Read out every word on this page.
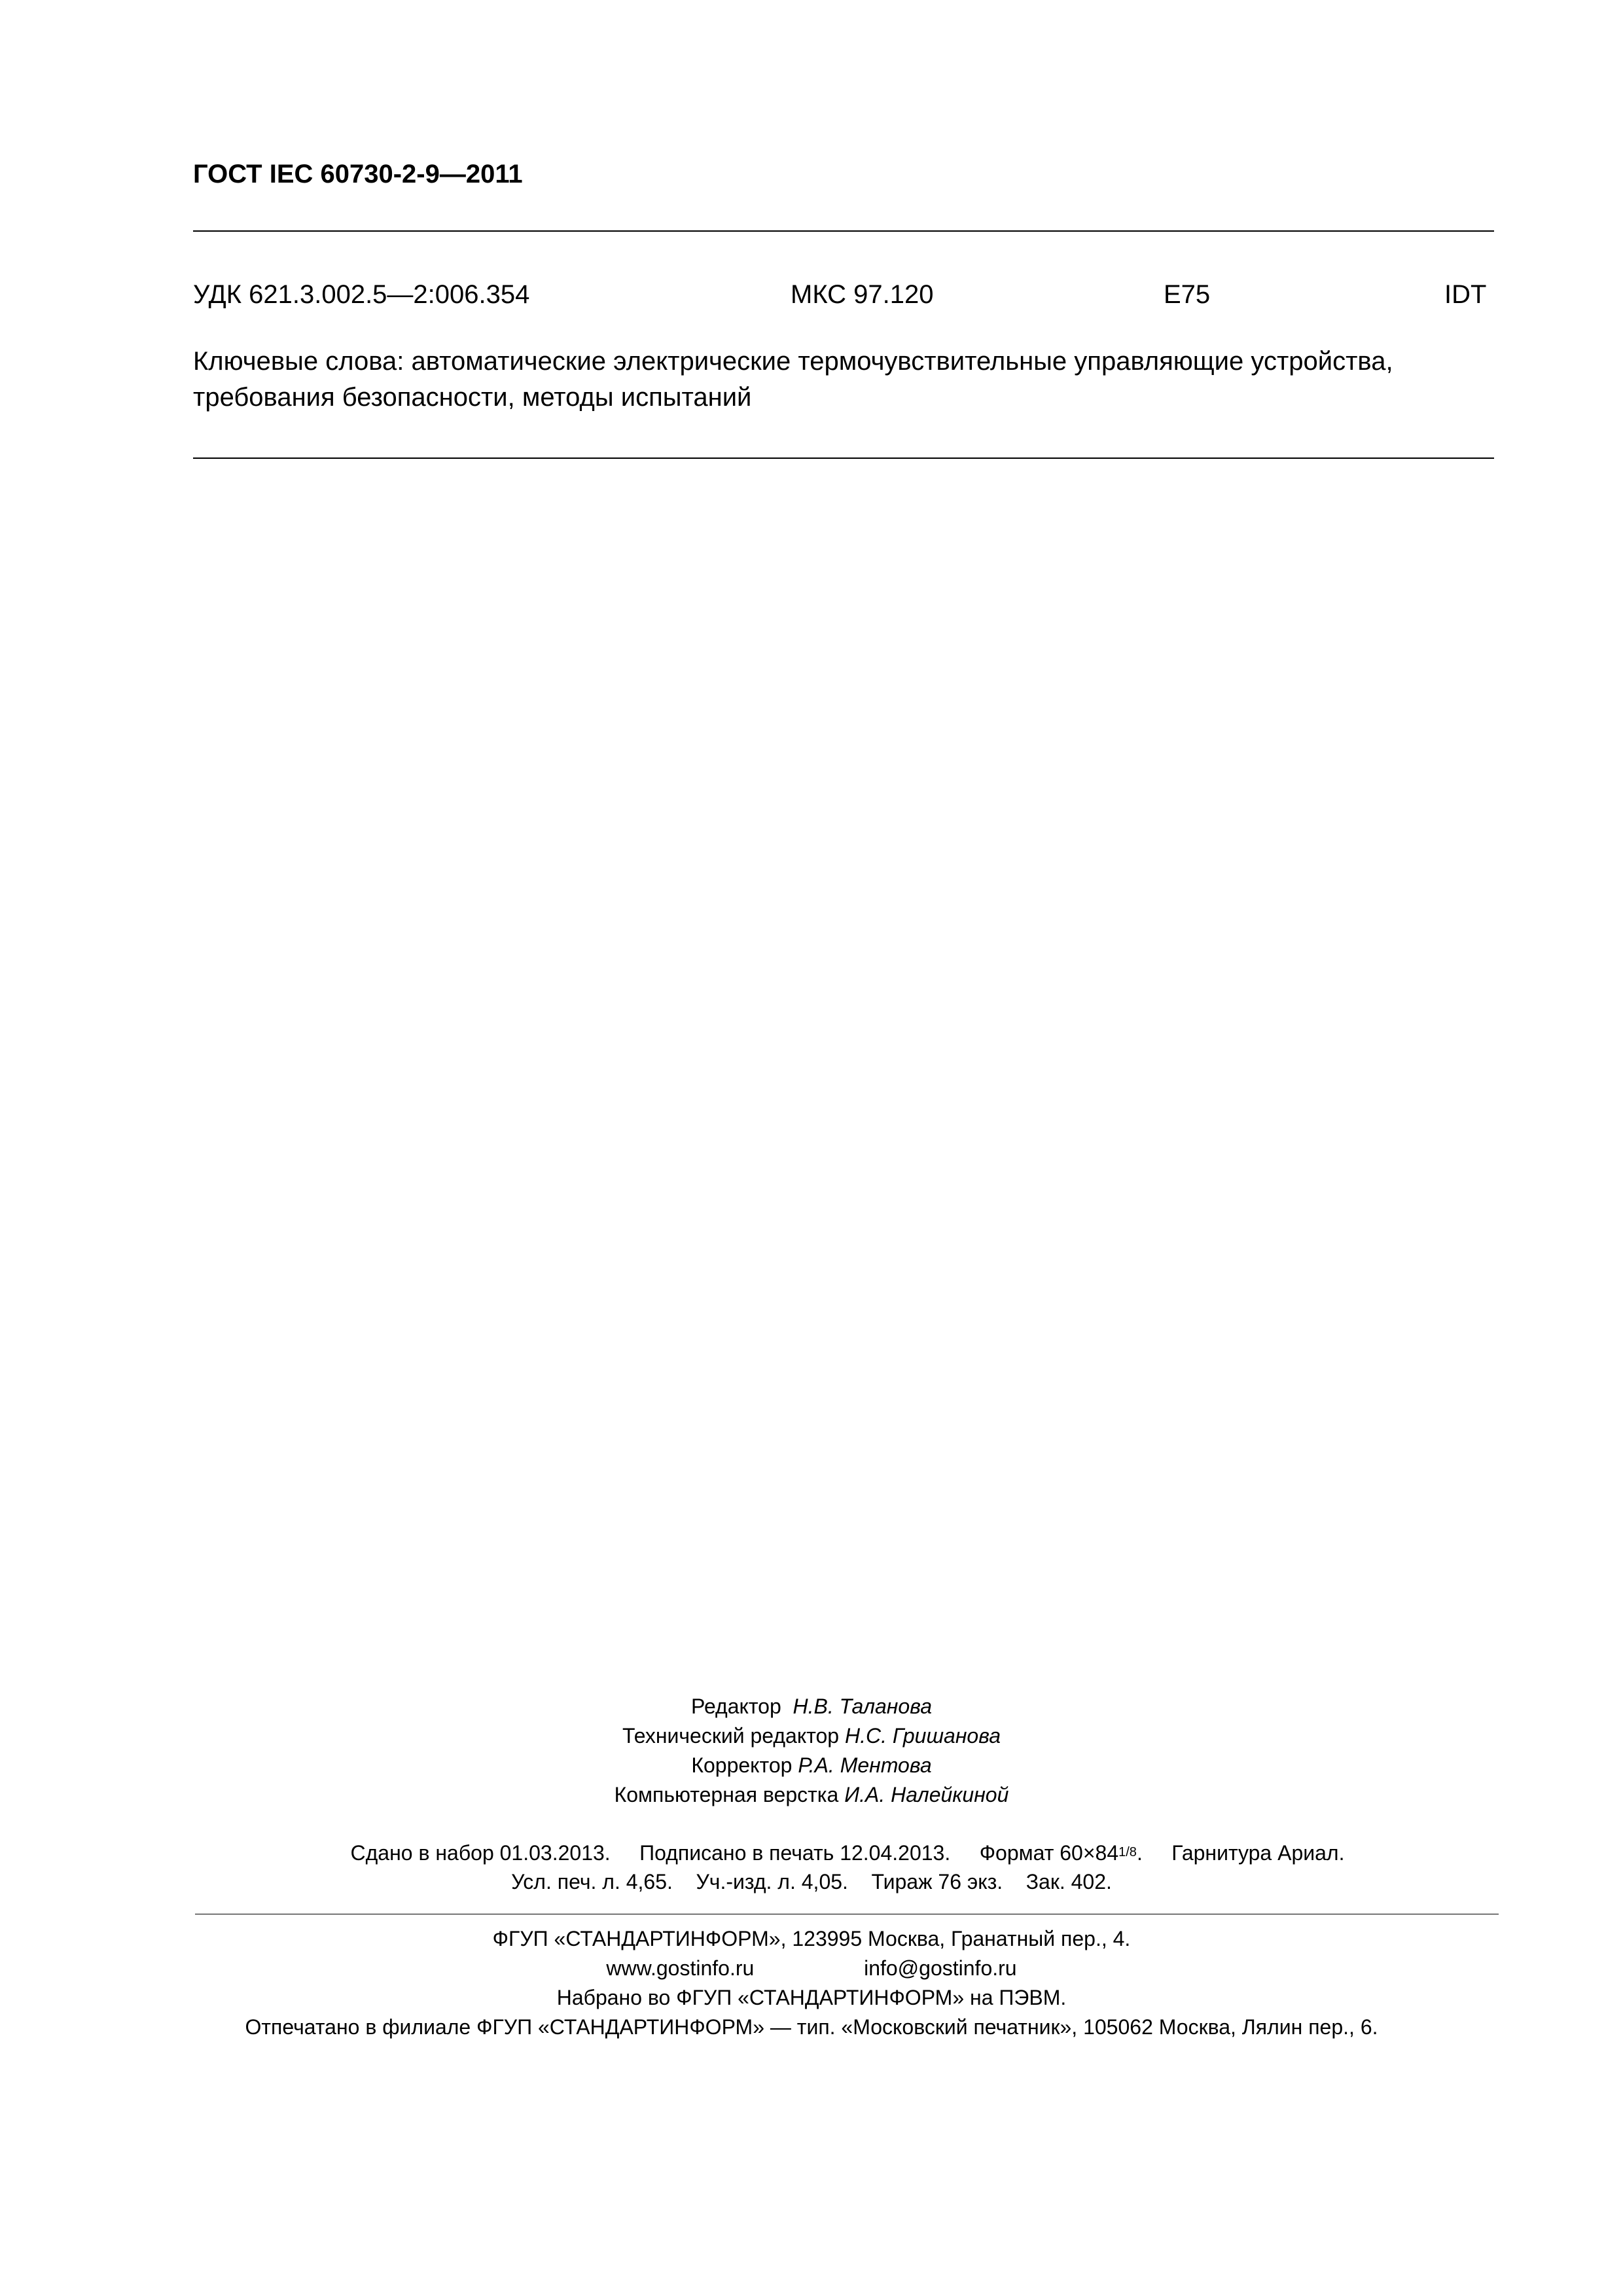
ГОСТ IEC 60730-2-9—2011
УДК 621.3.002.5—2:006.354	МКС 97.120	Е75	IDT
Ключевые слова: автоматические электрические термочувствительные управляющие устройства,
требования безопасности, методы испытаний
Редактор Н.В. Таланова
Технический редактор Н.С. Гришанова
Корректор Р.А. Ментова
Компьютерная верстка И.А. Налейкиной
Сдано в набор 01.03.2013. Подписано в печать 12.04.2013. Формат 60×841/8.     Гарнитура Ариал.
Усл. печ. л. 4,65. Уч.-изд. л. 4,05. Тираж 76 экз. Зак. 402.
ФГУП «СТАНДАРТИНФОРМ», 123995 Москва, Гранатный пер., 4.
www.gostinfo.ru	info@gostinfo.ru
Набрано во ФГУП «СТАНДАРТИНФОРМ» на ПЭВМ.
Отпечатано в филиале ФГУП «СТАНДАРТИНФОРМ» — тип. «Московский печатник», 105062 Москва, Лялин пер., 6.
